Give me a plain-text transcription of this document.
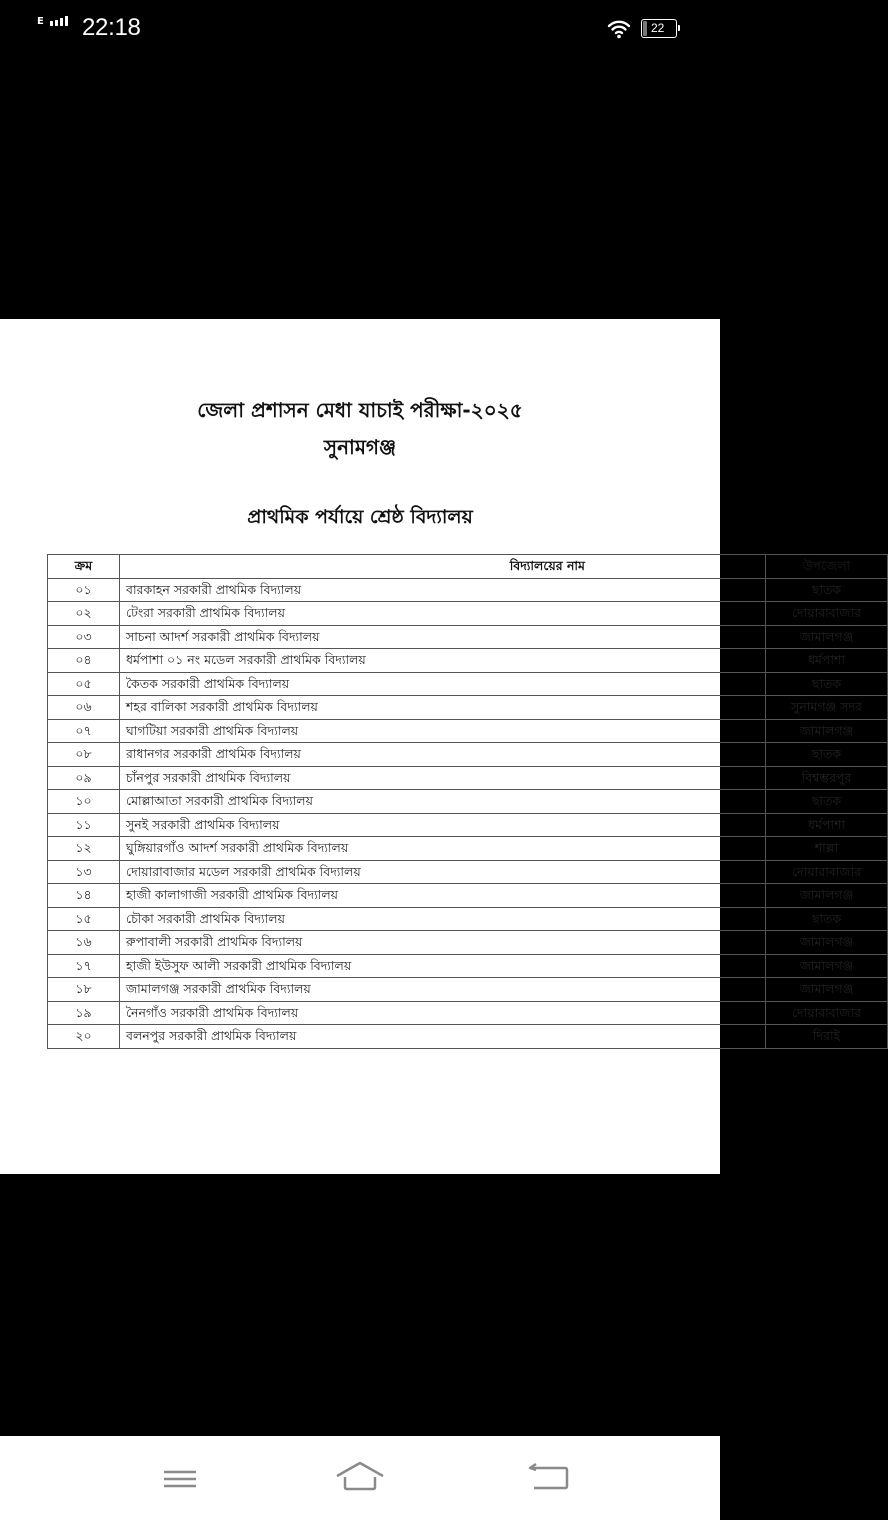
E 22:18	22
জেলা প্রশাসন মেধা যাচাই পরীক্ষা-২০২৫
সুনামগঞ্জ
প্রাথমিক পর্যায়ে শ্রেষ্ঠ বিদ্যালয়
ক্রম	বিদ্যালয়ের নাম	উপজেলা
০১	বারকাহন সরকারী প্রাথমিক বিদ্যালয়	ছাতক
০২	টেংরা সরকারী প্রাথমিক বিদ্যালয়	দোয়ারাবাজার
০৩	সাচনা আদর্শ সরকারী প্রাথমিক বিদ্যালয়	জামালগঞ্জ
০৪	ধর্মপাশা ০১ নং মডেল সরকারী প্রাথমিক বিদ্যালয়	ধর্মপাশা
০৫	কৈতক সরকারী প্রাথমিক বিদ্যালয়	ছাতক
০৬	শহর বালিকা সরকারী প্রাথমিক বিদ্যালয়	সুনামগঞ্জ সদর
০৭	ঘাগটিয়া সরকারী প্রাথমিক বিদ্যালয়	জামালগঞ্জ
০৮	রাধানগর সরকারী প্রাথমিক বিদ্যালয়	ছাতক
০৯	চাঁনপুর সরকারী প্রাথমিক বিদ্যালয়	বিশ্বম্ভরপুর
১০	মোল্লাআতা সরকারী প্রাথমিক বিদ্যালয়	ছাতক
১১	সুনই সরকারী প্রাথমিক বিদ্যালয়	ধর্মপাশা
১২	ঘুঙ্গিয়ারগাঁও আদর্শ সরকারী প্রাথমিক বিদ্যালয়	শাল্লা
১৩	দোয়ারাবাজার মডেল সরকারী প্রাথমিক বিদ্যালয়	দোয়ারাবাজার
১৪	হাজী কালাগাজী সরকারী প্রাথমিক বিদ্যালয়	জামালগঞ্জ
১৫	চৌকা সরকারী প্রাথমিক বিদ্যালয়	ছাতক
১৬	রুপাবালী সরকারী প্রাথমিক বিদ্যালয়	জামালগঞ্জ
১৭	হাজী ইউসুফ আলী সরকারী প্রাথমিক বিদ্যালয়	জামালগঞ্জ
১৮	জামালগঞ্জ সরকারী প্রাথমিক বিদ্যালয়	জামালগঞ্জ
১৯	নৈনগাঁও সরকারী প্রাথমিক বিদ্যালয়	দোয়ারাবাজার
২০	বলনপুর সরকারী প্রাথমিক বিদ্যালয়	দিরাই
